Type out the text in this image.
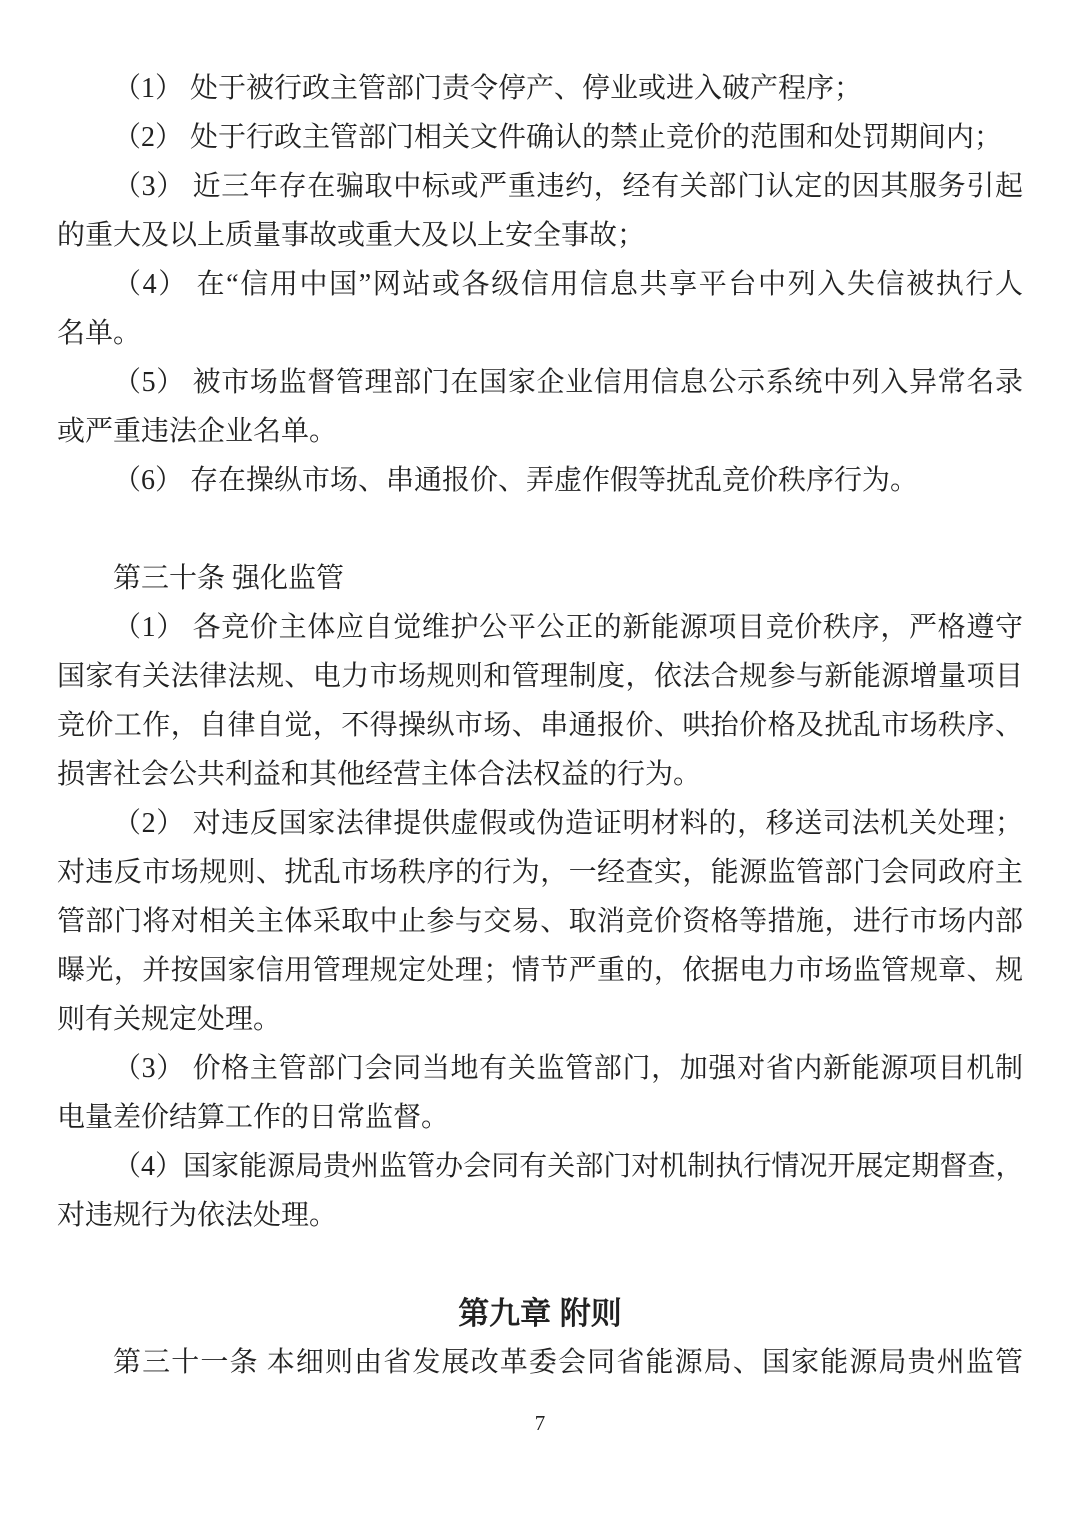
（1） 处于被行政主管部门责令停产、停业或进入破产程序；
（2） 处于行政主管部门相关文件确认的禁止竞价的范围和处罚期间内；
（3） 近三年存在骗取中标或严重违约，经有关部门认定的因其服务引起
的重大及以上质量事故或重大及以上安全事故；
（4） 在“信用中国”网站或各级信用信息共享平台中列入失信被执行人
名单。
（5） 被市场监督管理部门在国家企业信用信息公示系统中列入异常名录
或严重违法企业名单。
（6） 存在操纵市场、串通报价、弄虚作假等扰乱竞价秩序行为。
第三十条 强化监管
（1） 各竞价主体应自觉维护公平公正的新能源项目竞价秩序，严格遵守
国家有关法律法规、电力市场规则和管理制度，依法合规参与新能源增量项目
竞价工作，自律自觉，不得操纵市场、串通报价、哄抬价格及扰乱市场秩序、
损害社会公共利益和其他经营主体合法权益的行为。
（2） 对违反国家法律提供虚假或伪造证明材料的，移送司法机关处理；
对违反市场规则、扰乱市场秩序的行为，一经查实，能源监管部门会同政府主
管部门将对相关主体采取中止参与交易、取消竞价资格等措施，进行市场内部
曝光，并按国家信用管理规定处理；情节严重的，依据电力市场监管规章、规
则有关规定处理。
（3） 价格主管部门会同当地有关监管部门，加强对省内新能源项目机制
电量差价结算工作的日常监督。
（4）国家能源局贵州监管办会同有关部门对机制执行情况开展定期督查，
对违规行为依法处理。
第九章 附则
第三十一条 本细则由省发展改革委会同省能源局、国家能源局贵州监管
7
